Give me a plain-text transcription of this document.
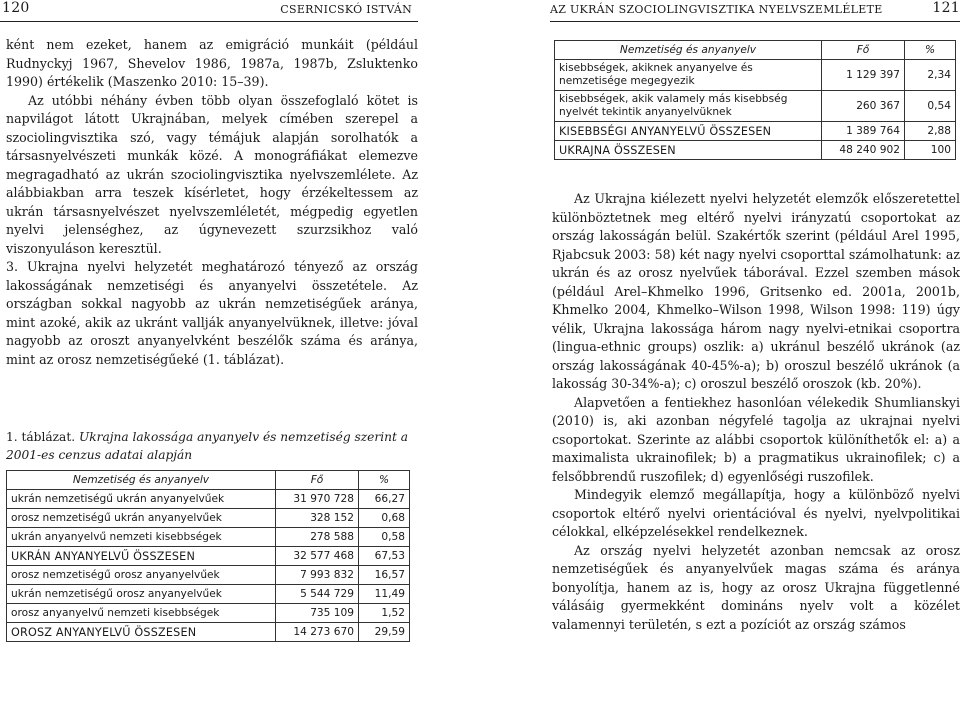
120	CSERNICSKÓ ISTVÁN

ként nem ezeket, hanem az emigráció munkáit (például Rudnyckyj 1967, Shevelov 1986, 1987a, 1987b, Zsluktenko 1990) értékelik (Maszenko 2010: 15–39).

Az utóbbi néhány évben több olyan összefoglaló kötet is napvilágot látott Ukrajnában, melyek címében szerepel a szociolingvisztika szó, vagy témájuk alapján sorolhatók a társasnyelvészeti munkák közé. A monográfiákat elemezve megragadható az ukrán szociolingvisztika nyelvszemlélete. Az alábbiakban arra teszek kísérletet, hogy érzékeltessem az ukrán társasnyelvészet nyelvszemléletét, mégpedig egyetlen nyelvi jelenséghez, az úgynevezett szurzsikhoz való viszonyuláson keresztül.

3. Ukrajna nyelvi helyzetét meghatározó tényező az ország lakosságának nemzetiségi és anyanyelvi összetétele. Az országban sokkal nagyobb az ukrán nemzetiségűek aránya, mint azoké, akik az ukránt vallják anyanyelvüknek, illetve: jóval nagyobb az oroszt anyanyelvként beszélők száma és aránya, mint az orosz nemzetiségűeké (1. táblázat).

1. táblázat. Ukrajna lakossága anyanyelv és nemzetiség szerint a 2001-es cenzus adatai alapján
Nemzetiség és anyanyelv	Fő	%
ukrán nemzetiségű ukrán anyanyelvűek	31 970 728	66,27
orosz nemzetiségű ukrán anyanyelvűek	328 152	0,68
ukrán anyanyelvű nemzeti kisebbségek	278 588	0,58
UKRÁN ANYANYELVŰ ÖSSZESEN	32 577 468	67,53
orosz nemzetiségű orosz anyanyelvűek	7 993 832	16,57
ukrán nemzetiségű orosz anyanyelvűek	5 544 729	11,49
orosz anyanyelvű nemzeti kisebbségek	735 109	1,52
OROSZ ANYANYELVŰ ÖSSZESEN	14 273 670	29,59
AZ UKRÁN SZOCIOLINGVISZTIKA NYELVSZEMLÉLETE	121
Nemzetiség és anyanyelv	Fő	%
kisebbségek, akiknek anyanyelve és nemzetisége megegyezik	1 129 397	2,34
kisebbségek, akik valamely más kisebbség nyelvét tekintik anyanyelvüknek	260 367	0,54
KISEBBSÉGI ANYANYELVŰ ÖSSZESEN	1 389 764	2,88
UKRAJNA ÖSSZESEN	48 240 902	100

Az Ukrajna kiélezett nyelvi helyzetét elemzők előszeretettel különböztetnek meg eltérő nyelvi irányzatú csoportokat az ország lakosságán belül. Szakértők szerint (például Arel 1995, Rjabcsuk 2003: 58) két nagy nyelvi csoporttal számolhatunk: az ukrán és az orosz nyelvűek táborával. Ezzel szemben mások (például Arel–Khmelko 1996, Gritsenko ed. 2001a, 2001b, Khmelko 2004, Khmelko–Wilson 1998, Wilson 1998: 119) úgy vélik, Ukrajna lakossága három nagy nyelvi-etnikai csoportra (lingua-ethnic groups) oszlik: a) ukránul beszélő ukránok (az ország lakosságának 40-45%-a); b) oroszul beszélő ukránok (a lakosság 30-34%-a); c) oroszul beszélő oroszok (kb. 20%).

Alapvetően a fentiekhez hasonlóan vélekedik Shumlianskyi (2010) is, aki azonban négyfelé tagolja az ukrajnai nyelvi csoportokat. Szerinte az alábbi csoportok különíthetők el: a) a maximalista ukrainofilek; b) a pragmatikus ukrainofilek; c) a felsőbbrendű ruszofilek; d) egyenlőségi ruszofilek.

Mindegyik elemző megállapítja, hogy a különböző nyelvi csoportok eltérő nyelvi orientációval és nyelvi, nyelvpolitikai célokkal, elképzelésekkel rendelkeznek.

Az ország nyelvi helyzetét azonban nemcsak az orosz nemzetiségűek és anyanyelvűek magas száma és aránya bonyolítja, hanem az is, hogy az orosz Ukrajna függetlenné válásáig gyermekként domináns nyelv volt a közélet valamennyi területén, s ezt a pozíciót az ország számos
